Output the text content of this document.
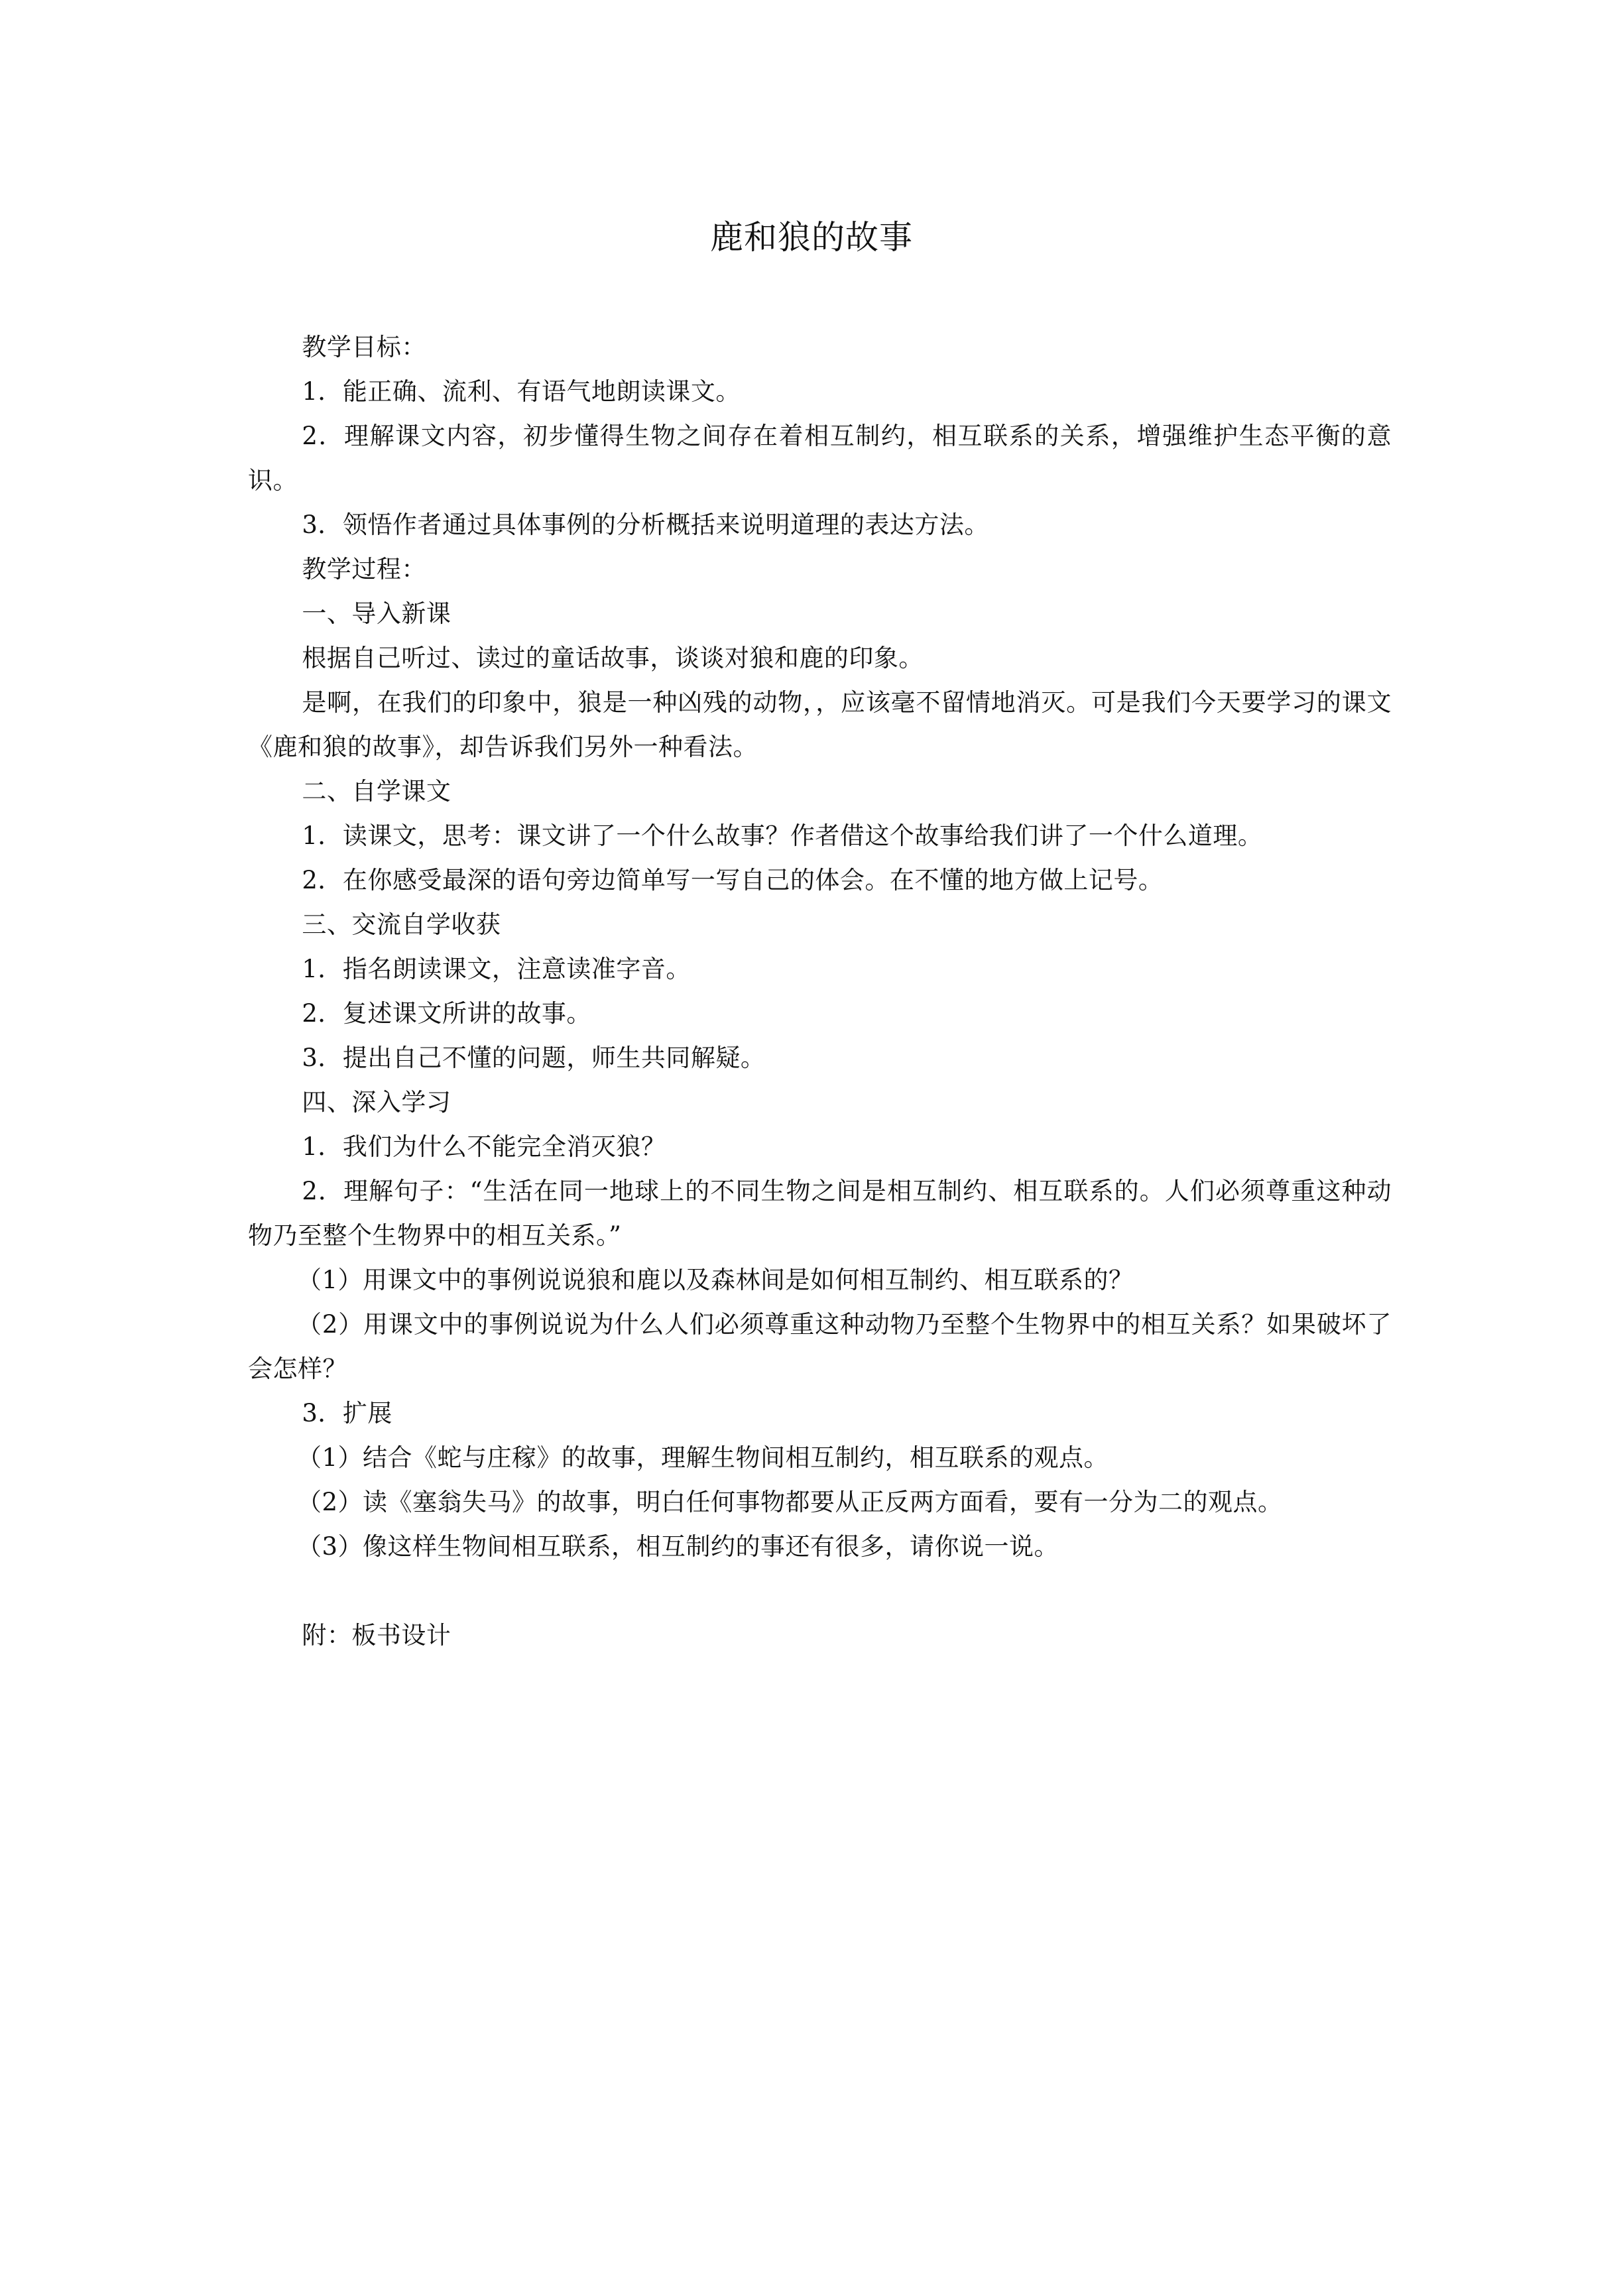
鹿和狼的故事

教学目标：

1．能正确、流利、有语气地朗读课文。

2．理解课文内容，初步懂得生物之间存在着相互制约，相互联系的关系，增强维护生态平衡的意识。

3．领悟作者通过具体事例的分析概括来说明道理的表达方法。

教学过程：

一、导入新课

根据自己听过、读过的童话故事，谈谈对狼和鹿的印象。

是啊，在我们的印象中，狼是一种凶残的动物，，应该毫不留情地消灭。可是我们今天要学习的课文《鹿和狼的故事》，却告诉我们另外一种看法。

二、自学课文

1．读课文，思考：课文讲了一个什么故事？作者借这个故事给我们讲了一个什么道理。

2．在你感受最深的语句旁边简单写一写自己的体会。在不懂的地方做上记号。

三、交流自学收获

1．指名朗读课文，注意读准字音。

2．复述课文所讲的故事。

3．提出自己不懂的问题，师生共同解疑。

四、深入学习

1．我们为什么不能完全消灭狼？

2．理解句子：“生活在同一地球上的不同生物之间是相互制约、相互联系的。人们必须尊重这种动物乃至整个生物界中的相互关系。”

（1）用课文中的事例说说狼和鹿以及森林间是如何相互制约、相互联系的？

（2）用课文中的事例说说为什么人们必须尊重这种动物乃至整个生物界中的相互关系？如果破坏了会怎样？

3．扩展

（1）结合《蛇与庄稼》的故事，理解生物间相互制约，相互联系的观点。

（2）读《塞翁失马》的故事，明白任何事物都要从正反两方面看，要有一分为二的观点。

（3）像这样生物间相互联系，相互制约的事还有很多，请你说一说。

附：板书设计
